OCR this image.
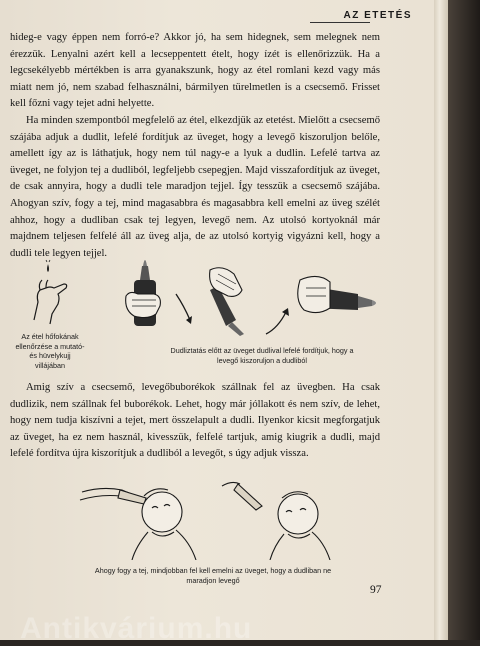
AZ ETETÉS

hideg-e vagy éppen nem forró-e? Akkor jó, ha sem hidegnek, sem melegnek nem érezzük. Lenyalni azért kell a lecseppentett ételt, hogy ízét is ellenőrizzük. Ha a legcsekélyebb mértékben is arra gyanakszunk, hogy az étel romlani kezd vagy más miatt nem jó, nem szabad felhasználni, bármilyen türelmetlen is a csecsemő. Frisset kell főzni vagy tejet adni helyette.

Ha minden szempontból megfelelő az étel, elkezdjük az etetést. Mielőtt a csecsemő szájába adjuk a dudlit, lefelé fordítjuk az üveget, hogy a levegő kiszoruljon belőle, amellett így az is láthatjuk, hogy nem túl nagy-e a lyuk a dudlin. Lefelé tartva az üveget, ne folyjon tej a dudliból, legfeljebb csepegjen. Majd visszafordítjuk az üveget, de csak annyira, hogy a dudli tele maradjon tejjel. Így tesszük a csecsemő szájába. Ahogyan szív, fogy a tej, mind magasabbra és magasabbra kell emelni az üveg szélét ahhoz, hogy a dudliban csak tej legyen, levegő nem. Az utolsó kortyoknál már majdnem teljesen felfelé áll az üveg alja, de az utolsó kortyig vigyázni kell, hogy a dudli tele legyen tejjel.

Az étel hőfokának ellenőrzése a mutató- és hüvelykujj villájában
Dudliztatás előtt az üveget dudlival lefelé fordítjuk, hogy a levegő kiszoruljon a dudliból

Amig szív a csecsemő, levegőbuborékok szállnak fel az üvegben. Ha csak dudlizik, nem szállnak fel buborékok. Lehet, hogy már jóllakott és nem szív, de lehet, hogy nem tudja kiszívni a tejet, mert összelapult a dudli. Ilyenkor kicsit megforgatjuk az üveget, ha ez nem használ, kivesszük, felfelé tartjuk, amig kiugrik a dudli, majd lefelé fordítva újra kiszorítjuk a dudliból a levegőt, s úgy adjuk vissza.

Ahogy fogy a tej, mindjobban fel kell emelni az üveget, hogy a dudliban ne maradjon levegő
97
Antikvárium.hu
